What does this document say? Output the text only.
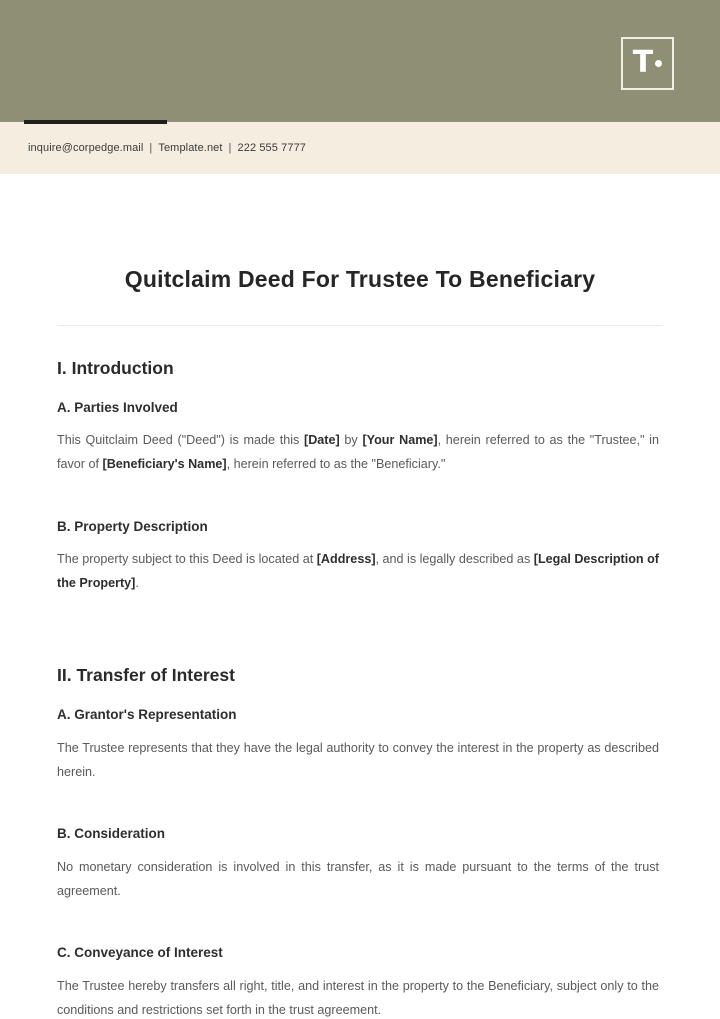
T
inquire@corpedge.mail | Template.net | 222 555 7777
Quitclaim Deed For Trustee To Beneficiary
I. Introduction
A. Parties Involved
This Quitclaim Deed ("Deed") is made this [Date] by [Your Name], herein referred to as the "Trustee," in favor of [Beneficiary's Name], herein referred to as the "Beneficiary."
B. Property Description
The property subject to this Deed is located at [Address], and is legally described as [Legal Description of the Property].
II. Transfer of Interest
A. Grantor's Representation
The Trustee represents that they have the legal authority to convey the interest in the property as described herein.
B. Consideration
No monetary consideration is involved in this transfer, as it is made pursuant to the terms of the trust agreement.
C. Conveyance of Interest
The Trustee hereby transfers all right, title, and interest in the property to the Beneficiary, subject only to the conditions and restrictions set forth in the trust agreement.
